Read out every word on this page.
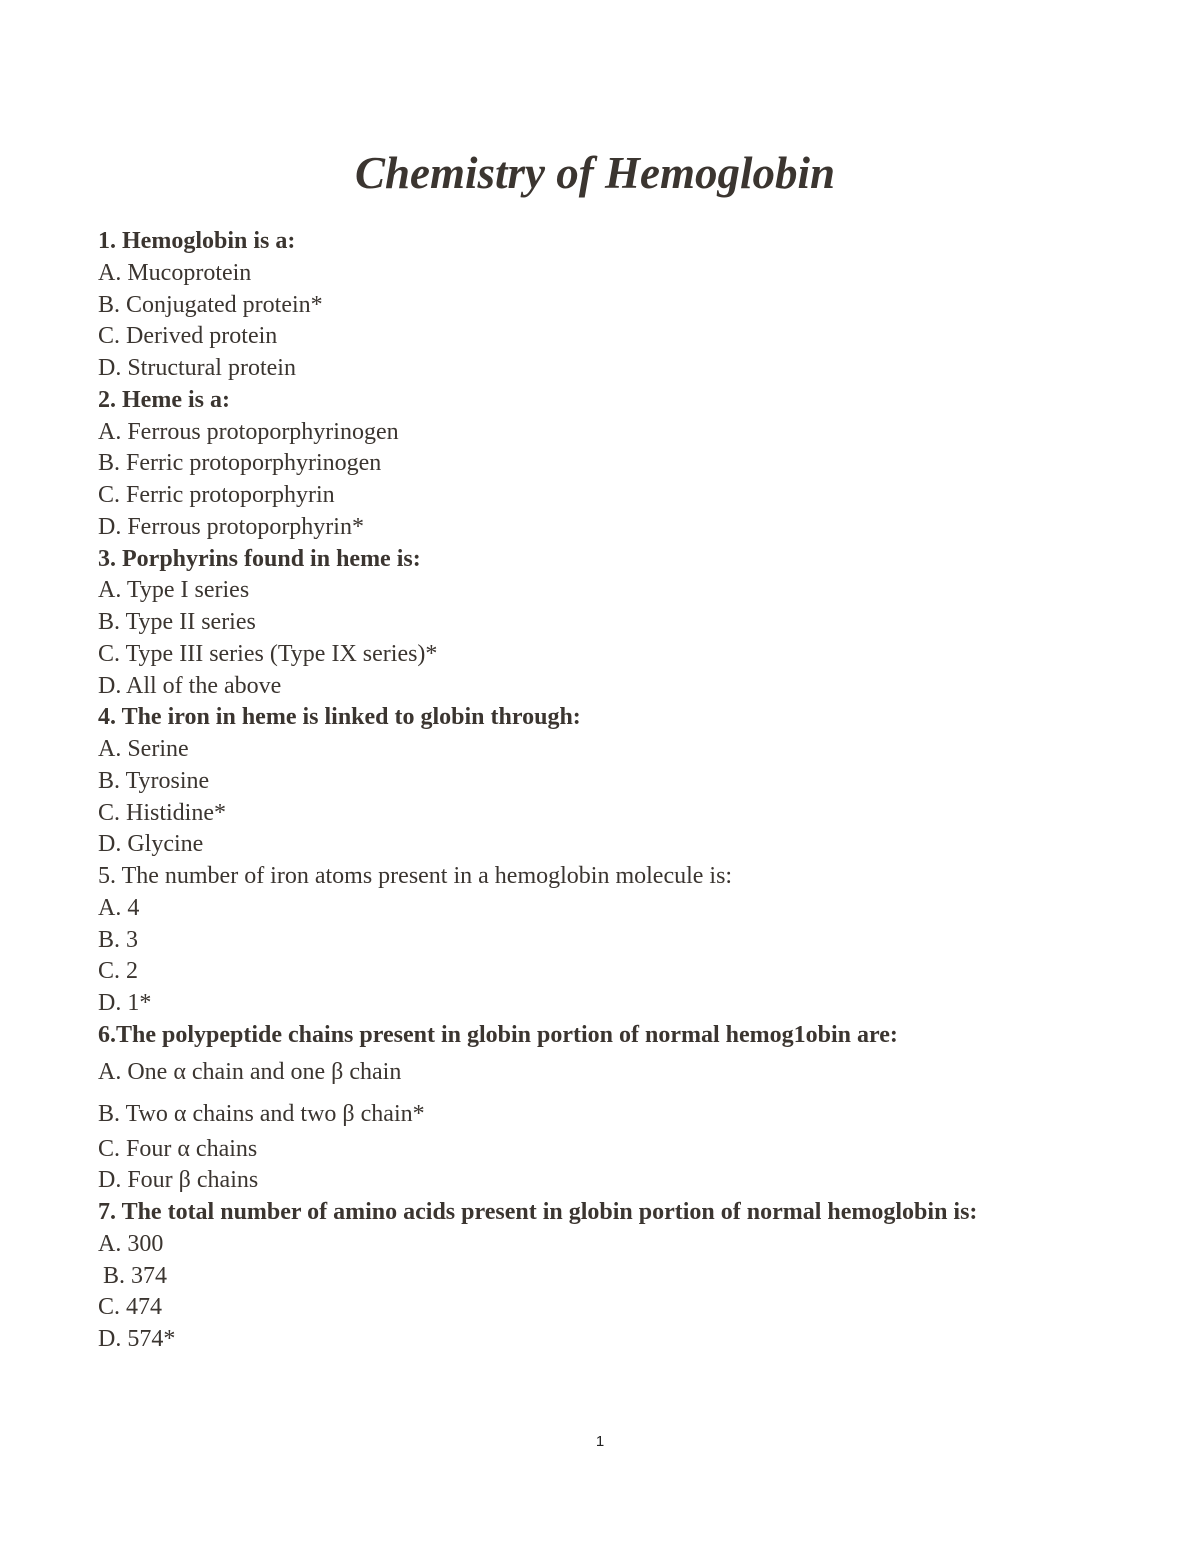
Chemistry of Hemoglobin
1. Hemoglobin is a:
A. Mucoprotein
B. Conjugated protein*
C. Derived protein
D. Structural protein
2. Heme is a:
A. Ferrous protoporphyrinogen
B. Ferric protoporphyrinogen
C. Ferric protoporphyrin
D. Ferrous protoporphyrin*
3. Porphyrins found in heme is:
A. Type I series
B. Type II series
C. Type III series (Type IX series)*
D. All of the above
4. The iron in heme is linked to globin through:
A. Serine
B. Tyrosine
C. Histidine*
D. Glycine
5. The number of iron atoms present in a hemoglobin molecule is:
A. 4
B. 3
C. 2
D. 1*
6.The polypeptide chains present in globin portion of normal hemog1obin are:
A. One α chain and one β chain
B. Two α chains and two β chain*
C. Four α chains
D. Four β chains
7. The total number of amino acids present in globin portion of normal hemoglobin is:
A. 300
B. 374
C. 474
D. 574*
1
